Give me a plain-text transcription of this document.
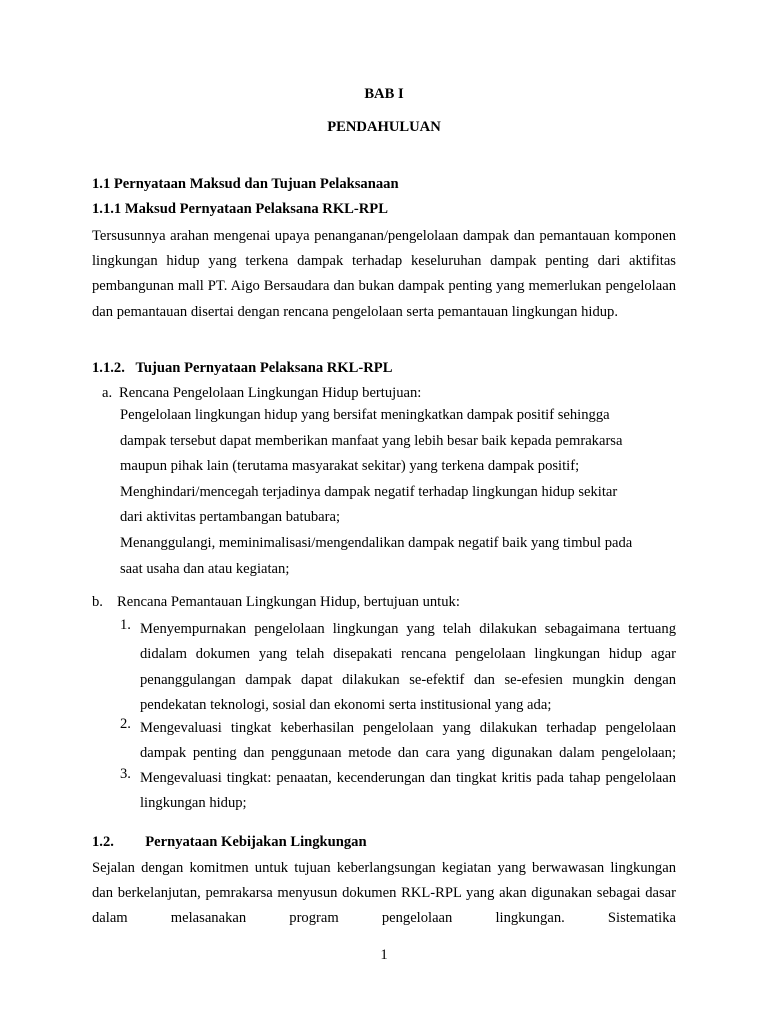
BAB I
PENDAHULUAN
1.1 Pernyataan Maksud dan Tujuan Pelaksanaan
1.1.1 Maksud Pernyataan Pelaksana RKL-RPL

Tersusunnya arahan mengenai upaya penanganan/pengelolaan dampak dan pemantauan komponen lingkungan hidup yang terkena dampak terhadap keseluruhan dampak penting dari aktifitas pembangunan mall PT. Aigo Bersaudara dan bukan dampak penting yang memerlukan pengelolaan dan pemantauan disertai dengan rencana pengelolaan serta pemantauan lingkungan hidup.

1.1.2.   Tujuan Pernyataan Pelaksana RKL-RPL
a. Rencana Pengelolaan Lingkungan Hidup bertujuan:

Pengelolaan lingkungan hidup yang bersifat meningkatkan dampak positif sehingga

dampak tersebut dapat memberikan manfaat yang lebih besar baik kepada pemrakarsa

maupun pihak lain (terutama masyarakat sekitar) yang terkena dampak positif;

Menghindari/mencegah terjadinya dampak negatif terhadap lingkungan hidup sekitar

dari aktivitas pertambangan batubara;

Menanggulangi, meminimalisasi/mengendalikan dampak negatif baik yang timbul pada

saat usaha dan atau kegiatan;

b. Rencana Pemantauan Lingkungan Hidup, bertujuan untuk:
1. Menyempurnakan pengelolaan lingkungan yang telah dilakukan sebagaimana tertuang didalam dokumen yang telah disepakati rencana pengelolaan lingkungan hidup agar penanggulangan dampak dapat dilakukan se-efektif dan se-efesien mungkin dengan pendekatan teknologi, sosial dan ekonomi serta institusional yang ada;
2. Mengevaluasi tingkat keberhasilan pengelolaan yang dilakukan terhadap pengelolaan dampak penting dan penggunaan metode dan cara yang digunakan dalam pengelolaan;
3. Mengevaluasi tingkat: penaatan, kecenderungan dan tingkat kritis pada tahap pengelolaan lingkungan hidup;
1.2. Pernyataan Kebijakan Lingkungan

Sejalan dengan komitmen untuk tujuan keberlangsungan kegiatan yang berwawasan lingkungan dan berkelanjutan, pemrakarsa menyusun dokumen RKL-RPL yang akan digunakan sebagai dasar dalam melasanakan program pengelolaan lingkungan. Sistematika

1
